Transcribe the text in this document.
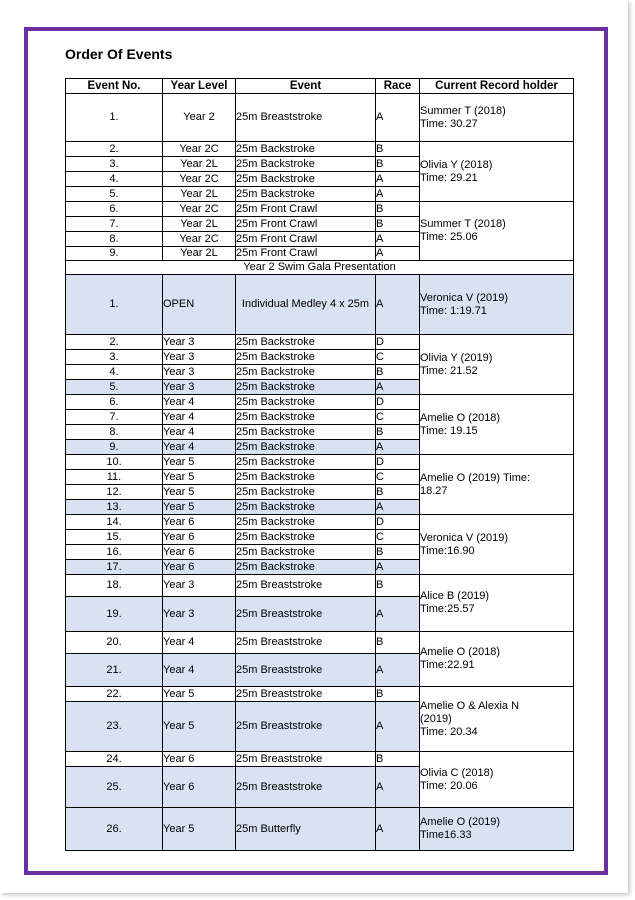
Order Of Events
Event No.	Year Level	Event	Race	Current Record holder
1.	Year 2	25m Breaststroke	A	Summer T (2018)
Time: 30.27

2.	Year 2C	25m Backstroke	B	Olivia Y (2018)
Time: 29.21

3.	Year 2L	25m Backstroke	B	
4.	Year 2C	25m Backstroke	A	
5.	Year 2L	25m Backstroke	A	
6.	Year 2C	25m Front Crawl	B	Summer T (2018)
Time: 25.06

7.	Year 2L	25m Front Crawl	B	
8.	Year 2C	25m Front Crawl	A	
9.	Year 2L	25m Front Crawl	A	
Year 2 Swim Gala Presentation				
1.	OPEN	Individual Medley 4 x 25m	A	Veronica V (2019)
Time: 1:19.71

2.	Year 3	25m Backstroke	D	Olivia Y (2019)
Time: 21.52

3.	Year 3	25m Backstroke	C	
4.	Year 3	25m Backstroke	B	
5.	Year 3	25m Backstroke	A	
6.	Year 4	25m Backstroke	D	Amelie O (2018)
Time: 19.15

7.	Year 4	25m Backstroke	C	
8.	Year 4	25m Backstroke	B	
9.	Year 4	25m Backstroke	A	
10.	Year 5	25m Backstroke	D	Amelie O (2019) Time:
18.27

11.	Year 5	25m Backstroke	C	
12.	Year 5	25m Backstroke	B	
13.	Year 5	25m Backstroke	A	
14.	Year 6	25m Backstroke	D	Veronica V (2019)
Time:16.90

15.	Year 6	25m Backstroke	C	
16.	Year 6	25m Backstroke	B	
17.	Year 6	25m Backstroke	A	
18.	Year 3	25m Breaststroke	B	Alice B (2019)
Time:25.57

19.	Year 3	25m Breaststroke	A	
20.	Year 4	25m Breaststroke	B	Amelie O (2018)
Time:22.91

21.	Year 4	25m Breaststroke	A	
22.	Year 5	25m Breaststroke	B	Amelie O & Alexia N
(2019)
Time: 20.34

23.	Year 5	25m Breaststroke	A	
24.	Year 6	25m Breaststroke	B	Olivia C (2018)
Time: 20.06

25.	Year 6	25m Breaststroke	A	
26.	Year 5	25m Butterfly	A	Amelie O (2019)
Time16.33
